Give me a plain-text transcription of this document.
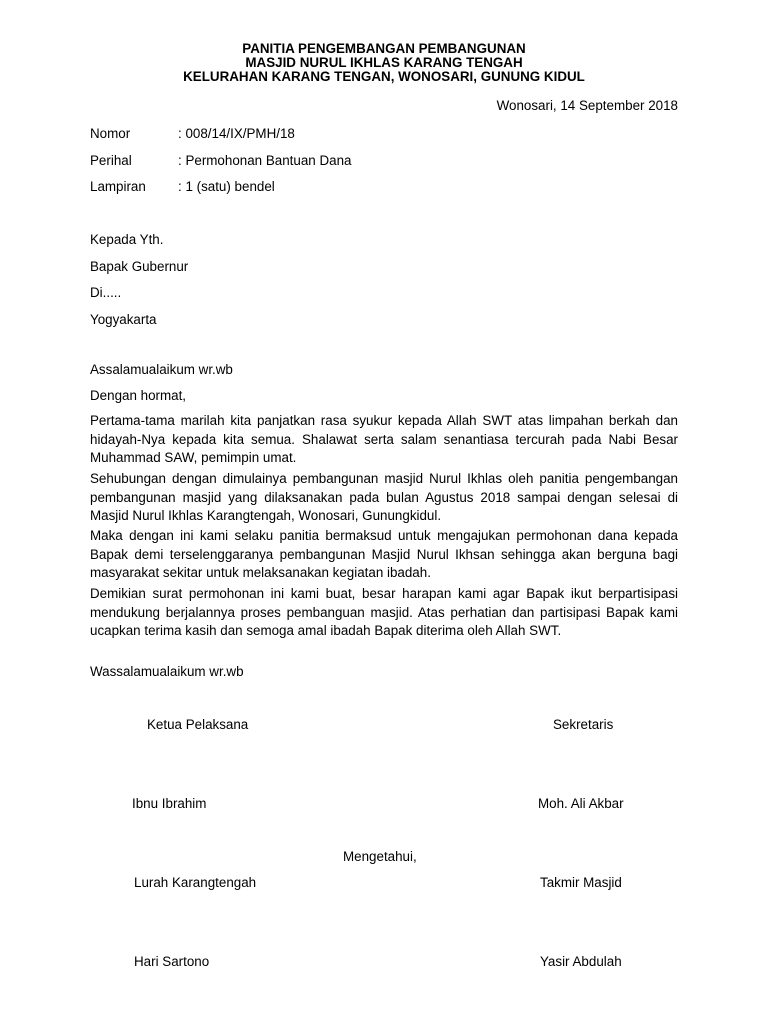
PANITIA PENGEMBANGAN PEMBANGUNAN
MASJID NURUL IKHLAS KARANG TENGAH
KELURAHAN KARANG TENGAN, WONOSARI, GUNUNG KIDUL
Wonosari, 14 September 2018
Nomor	: 008/14/IX/PMH/18
Perihal	: Permohonan Bantuan Dana
Lampiran	: 1 (satu) bendel
Kepada Yth.
Bapak Gubernur
Di.....
Yogyakarta
Assalamualaikum wr.wb
Dengan hormat,
Pertama-tama marilah kita panjatkan rasa syukur kepada Allah SWT atas limpahan berkah dan hidayah-Nya kepada kita semua. Shalawat serta salam senantiasa tercurah pada Nabi Besar Muhammad SAW, pemimpin umat.
Sehubungan dengan dimulainya pembangunan masjid Nurul Ikhlas oleh panitia pengembangan pembangunan masjid yang dilaksanakan pada bulan Agustus 2018 sampai dengan selesai di Masjid Nurul Ikhlas Karangtengah, Wonosari, Gunungkidul.
Maka dengan ini kami selaku panitia bermaksud untuk mengajukan permohonan dana kepada Bapak demi terselenggaranya pembangunan Masjid Nurul Ikhsan sehingga akan berguna bagi masyarakat sekitar untuk melaksanakan kegiatan ibadah.
Demikian surat permohonan ini kami buat, besar harapan kami agar Bapak ikut berpartisipasi mendukung berjalannya proses pembanguan masjid. Atas perhatian dan partisipasi Bapak kami ucapkan terima kasih dan semoga amal ibadah Bapak diterima oleh Allah SWT.
Wassalamualaikum wr.wb
Ketua Pelaksana	Sekretaris
Ibnu Ibrahim	Moh. Ali Akbar
Mengetahui,
Lurah Karangtengah	Takmir Masjid
Hari Sartono	Yasir Abdulah
